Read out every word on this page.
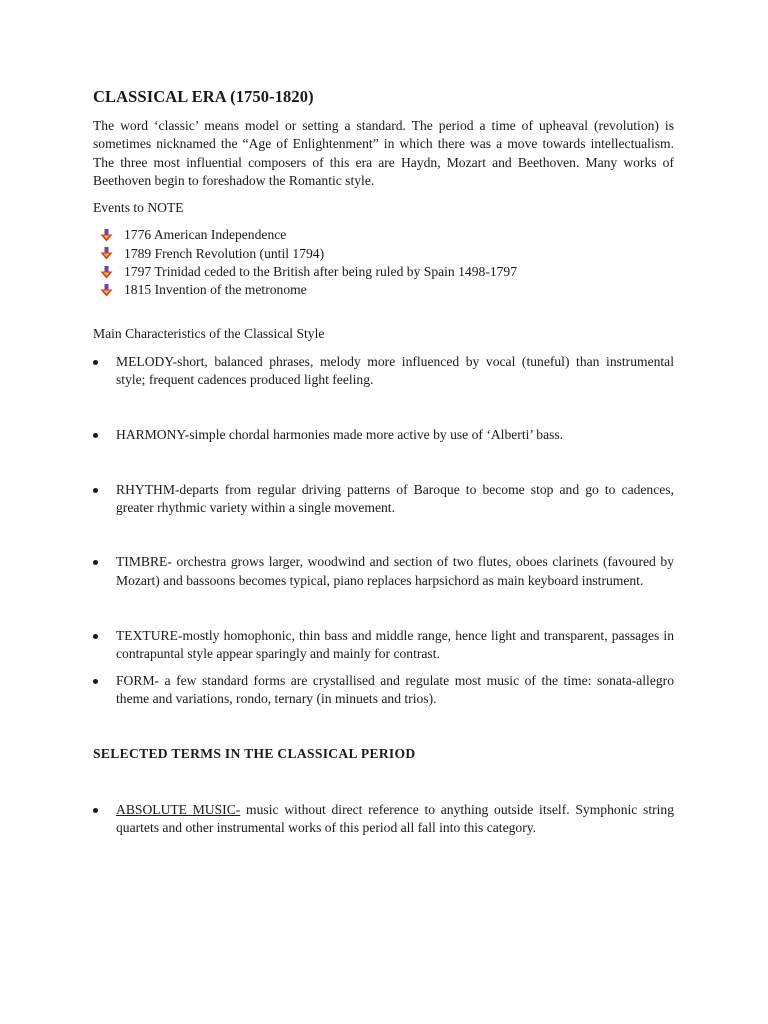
CLASSICAL ERA (1750-1820)

The word ‘classic’ means model or setting a standard. The period a time of upheaval (revolution) is sometimes nicknamed the “Age of Enlightenment” in which there was a move towards intellectualism. The three most influential composers of this era are Haydn, Mozart and Beethoven. Many works of Beethoven begin to foreshadow the Romantic style.

Events to NOTE

1776 American Independence
1789 French Revolution (until 1794)
1797 Trinidad ceded to the British after being ruled by Spain 1498-1797
1815 Invention of the metronome

Main Characteristics of the Classical Style

MELODY-short, balanced phrases, melody more influenced by vocal (tuneful) than instrumental style; frequent cadences produced light feeling.
HARMONY-simple chordal harmonies made more active by use of ‘Alberti’ bass.
RHYTHM-departs from regular driving patterns of Baroque to become stop and go to cadences, greater rhythmic variety within a single movement.
TIMBRE- orchestra grows larger, woodwind and section of two flutes, oboes clarinets (favoured by Mozart) and bassoons becomes typical, piano replaces harpsichord as main keyboard instrument.
TEXTURE-mostly homophonic, thin bass and middle range, hence light and transparent, passages in contrapuntal style appear sparingly and mainly for contrast.
FORM- a few standard forms are crystallised and regulate most music of the time: sonata-allegro theme and variations, rondo, ternary (in minuets and trios).
SELECTED TERMS IN THE CLASSICAL PERIOD
ABSOLUTE MUSIC- music without direct reference to anything outside itself. Symphonic string quartets and other instrumental works of this period all fall into this category.
